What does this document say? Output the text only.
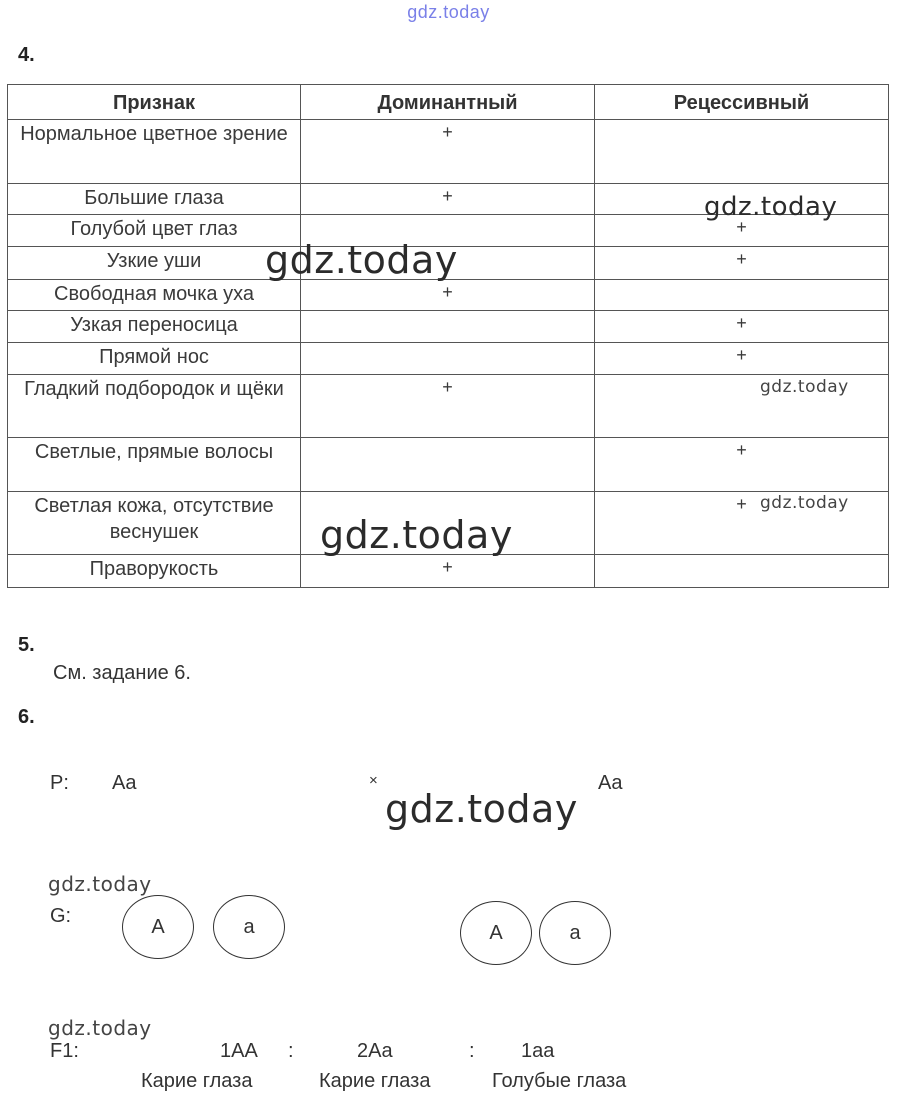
gdz.today
4.
Признак	Доминантный	Рецессивный
Нормальное цветное зрение	+	
Большие глаза	+	
Голубой цвет глаз		+
Узкие уши		+
Свободная мочка уха	+	
Узкая переносица		+
Прямой нос		+
Гладкий подбородок и щёки	+	
Светлые, прямые волосы		+
Светлая кожа, отсутствие веснушек		+
Праворукость	+	
gdz.today
gdz.today
gdz.today
gdz.today
gdz.today
5.
См. задание 6.
6.
P: Aa	×	Aa
gdz.today
gdz.today
G:	A	a	A	a
gdz.today
F1:	1AA :	2Aa	: 1aa
Карие глаза	Карие глаза	Голубые глаза
